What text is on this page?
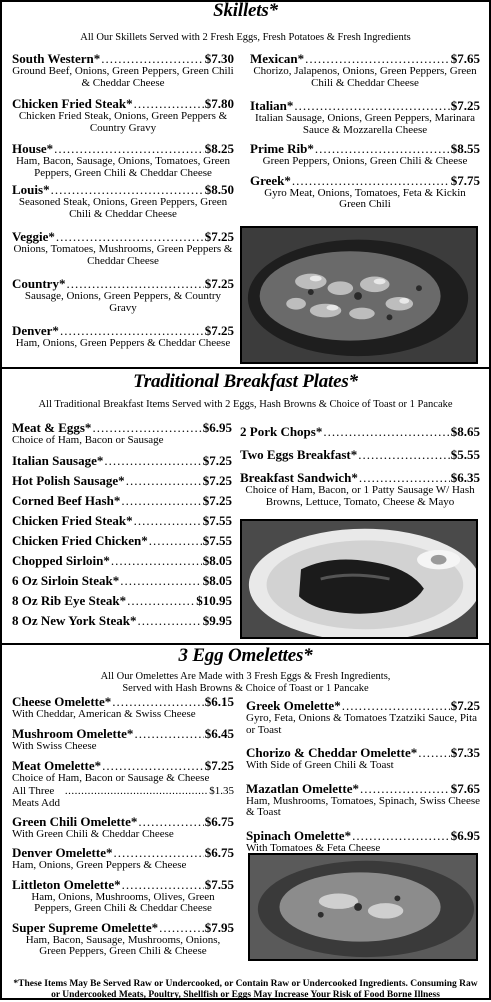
Skillets*
All Our Skillets Served with 2 Fresh Eggs, Fresh Potatoes & Fresh Ingredients
South Western* .....	$7.30
Ground Beef, Onions, Green Peppers, Green Chili & Cheddar Cheese
Chicken Fried Steak* .....	$7.80
Chicken Fried Steak, Onions, Green Peppers & Country Gravy
House* .....	$8.25
Ham, Bacon, Sausage, Onions, Tomatoes, Green Peppers, Green Chili & Cheddar Cheese
Louis* .....	$8.50
Seasoned Steak, Onions, Green Peppers, Green Chili & Cheddar Cheese
Veggie* .....	$7.25
Onions, Tomatoes, Mushrooms, Green Peppers & Cheddar Cheese
Country* .....	$7.25
Sausage, Onions, Green Peppers, & Country Gravy
Denver* .....	$7.25
Ham, Onions, Green Peppers & Cheddar Cheese
Mexican* .....	$7.65
Chorizo, Jalapenos, Onions, Green Peppers, Green Chili & Cheddar Cheese
Italian* .....	$7.25
Italian Sausage, Onions, Green Peppers, Marinara Sauce & Mozzarella Cheese
Prime Rib* .....	$8.55
Green Peppers, Onions, Green Chili & Cheese
Greek* .....	$7.75
Gyro Meat, Onions, Tomatoes, Feta & Kickin Green Chili
Traditional Breakfast Plates*
All Traditional Breakfast Items Served with 2 Eggs, Hash Browns & Choice of Toast or 1 Pancake
Meat & Eggs* .....	$6.95
Choice of Ham, Bacon or Sausage
Italian Sausage* .....	$7.25
Hot Polish Sausage* .....	$7.25
Corned Beef Hash* .....	$7.25
Chicken Fried Steak* .....	$7.55
Chicken Fried Chicken* .....	$7.55
Chopped Sirloin* .....	$8.05
6 Oz Sirloin Steak* .....	$8.05
8 Oz Rib Eye Steak* .....	$10.95
8 Oz New York Steak* .....	$9.95
2 Pork Chops* .....	$8.65
Two Eggs Breakfast* .....	$5.55
Breakfast Sandwich* .....	$6.35
Choice of Ham, Bacon, or 1 Patty Sausage W/ Hash Browns, Lettuce, Tomato, Cheese & Mayo
3 Egg Omelettes*
All Our Omelettes Are Made with 3 Fresh Eggs & Fresh Ingredients,
Served with Hash Browns & Choice of Toast or 1 Pancake
Cheese Omelette* .....	$6.15
With Cheddar, American & Swiss Cheese
Mushroom Omelette* .....	$6.45
With Swiss Cheese
Meat Omelette* .....	$7.25
Choice of Ham, Bacon or Sausage & Cheese
All Three Meats Add
.....
$1.35
Green Chili Omelette* .....	$6.75
With Green Chili & Cheddar Cheese
Denver Omelette* .....	$6.75
Ham, Onions, Green Peppers & Cheese
Littleton Omelette* .....	$7.55
Ham, Onions, Mushrooms, Olives, Green Peppers, Green Chili & Cheddar Cheese
Super Supreme Omelette* .....	$7.95
Ham, Bacon, Sausage, Mushrooms, Onions, Green Peppers, Green Chili & Cheese
Greek Omelette* .....	$7.25
Gyro, Feta, Onions & Tomatoes Tzatziki Sauce, Pita or Toast
Chorizo & Cheddar Omelette* .....	$7.35
With Side of Green Chili & Toast
Mazatlan Omelette* .....	$7.65
Ham, Mushrooms, Tomatoes, Spinach, Swiss Cheese & Toast
Spinach Omelette* .....	$6.95
With Tomatoes & Feta Cheese
*These Items May Be Served Raw or Undercooked, or Contain Raw or Undercooked Ingredients. Consuming Raw or Undercooked Meats, Poultry, Shellfish or Eggs May Increase Your Risk of Food Borne Illness
